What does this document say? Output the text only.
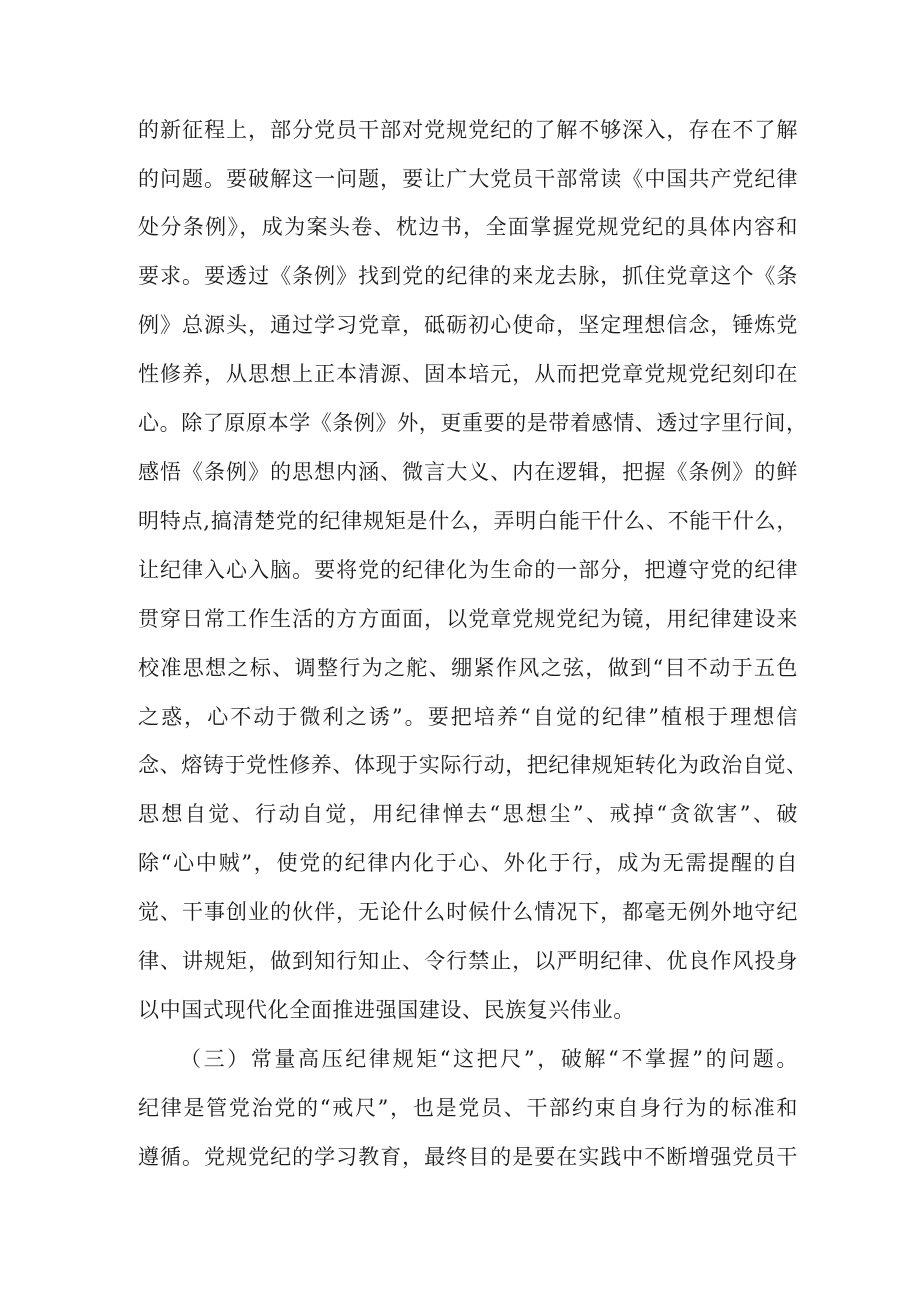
的新征程上，部分党员干部对党规党纪的了解不够深入，存在不了解
的问题。要破解这一问题，要让广大党员干部常读《中国共产党纪律
处分条例》，成为案头卷、枕边书，全面掌握党规党纪的具体内容和
要求。要透过《条例》找到党的纪律的来龙去脉，抓住党章这个《条
例》总源头，通过学习党章，砥砺初心使命，坚定理想信念，锤炼党
性修养，从思想上正本清源、固本培元，从而把党章党规党纪刻印在
心。除了原原本学《条例》外，更重要的是带着感情、透过字里行间，
感悟《条例》的思想内涵、微言大义、内在逻辑，把握《条例》的鲜
明特点,搞清楚党的纪律规矩是什么，弄明白能干什么、不能干什么，
让纪律入心入脑。要将党的纪律化为生命的一部分，把遵守党的纪律
贯穿日常工作生活的方方面面，以党章党规党纪为镜，用纪律建设来
校准思想之标、调整行为之舵、绷紧作风之弦，做到“目不动于五色
之惑，心不动于微利之诱”。要把培养“自觉的纪律”植根于理想信
念、熔铸于党性修养、体现于实际行动，把纪律规矩转化为政治自觉、
思想自觉、行动自觉，用纪律惮去“思想尘”、戒掉“贪欲害”、破
除“心中贼”，使党的纪律内化于心、外化于行，成为无需提醒的自
觉、干事创业的伙伴，无论什么时候什么情况下，都毫无例外地守纪
律、讲规矩，做到知行知止、令行禁止，以严明纪律、优良作风投身
以中国式现代化全面推进强国建设、民族复兴伟业。
（三）常量高压纪律规矩“这把尺”，破解“不掌握”的问题。
纪律是管党治党的“戒尺”，也是党员、干部约束自身行为的标准和
遵循。党规党纪的学习教育，最终目的是要在实践中不断增强党员干
